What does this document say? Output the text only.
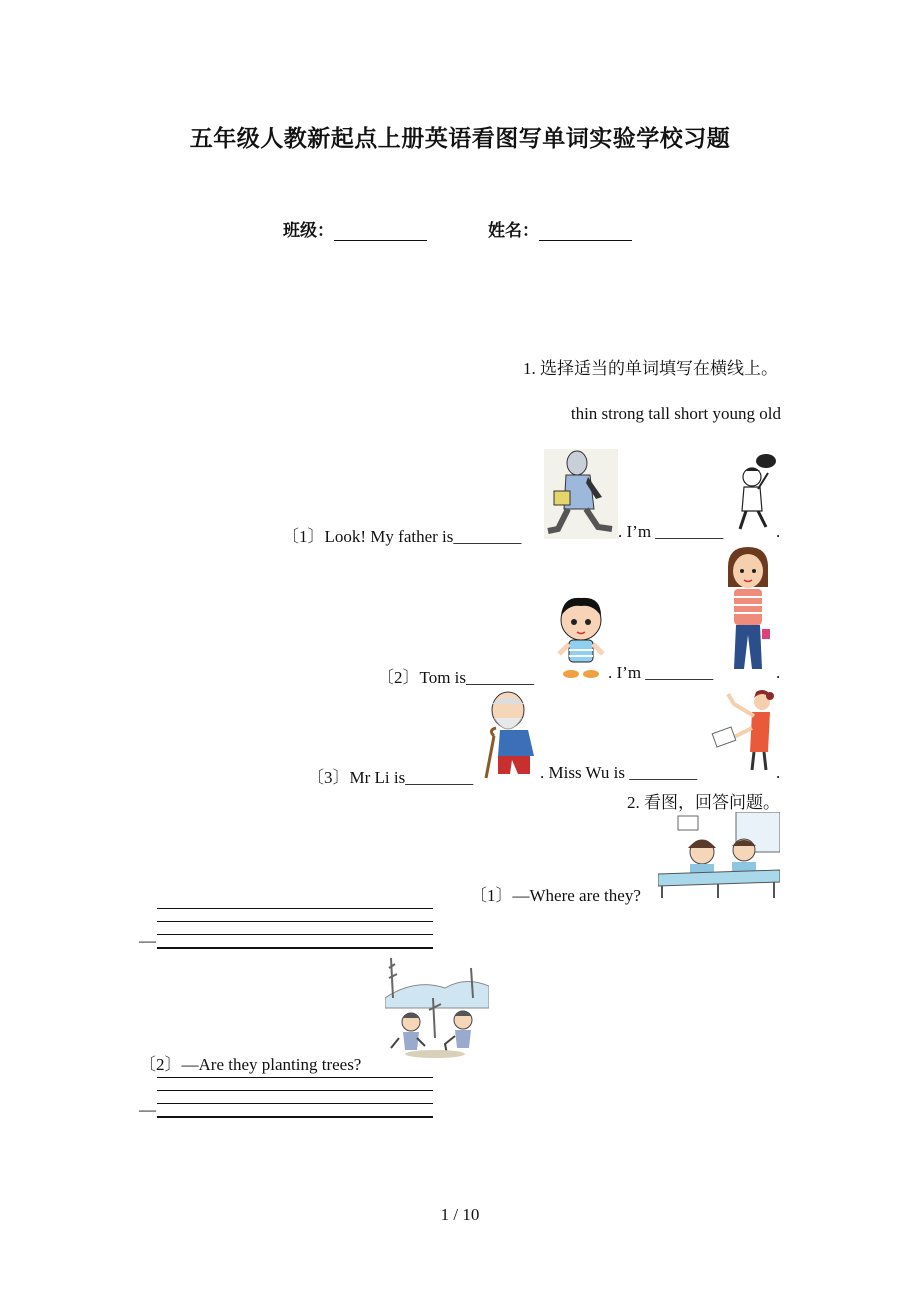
五年级人教新起点上册英语看图写单词实验学校习题
班级：	姓名：
1. 选择适当的单词填写在横线上。
thin strong tall short young old
〔1〕Look! My father is________	. I’m ________	.
〔2〕Tom is________	. I’m ________	.
〔3〕Mr Li is________	. Miss Wu is ________	.
2. 看图，回答问题。
〔1〕—Where are they?
—
〔2〕—Are they planting trees?
—
1 / 10
